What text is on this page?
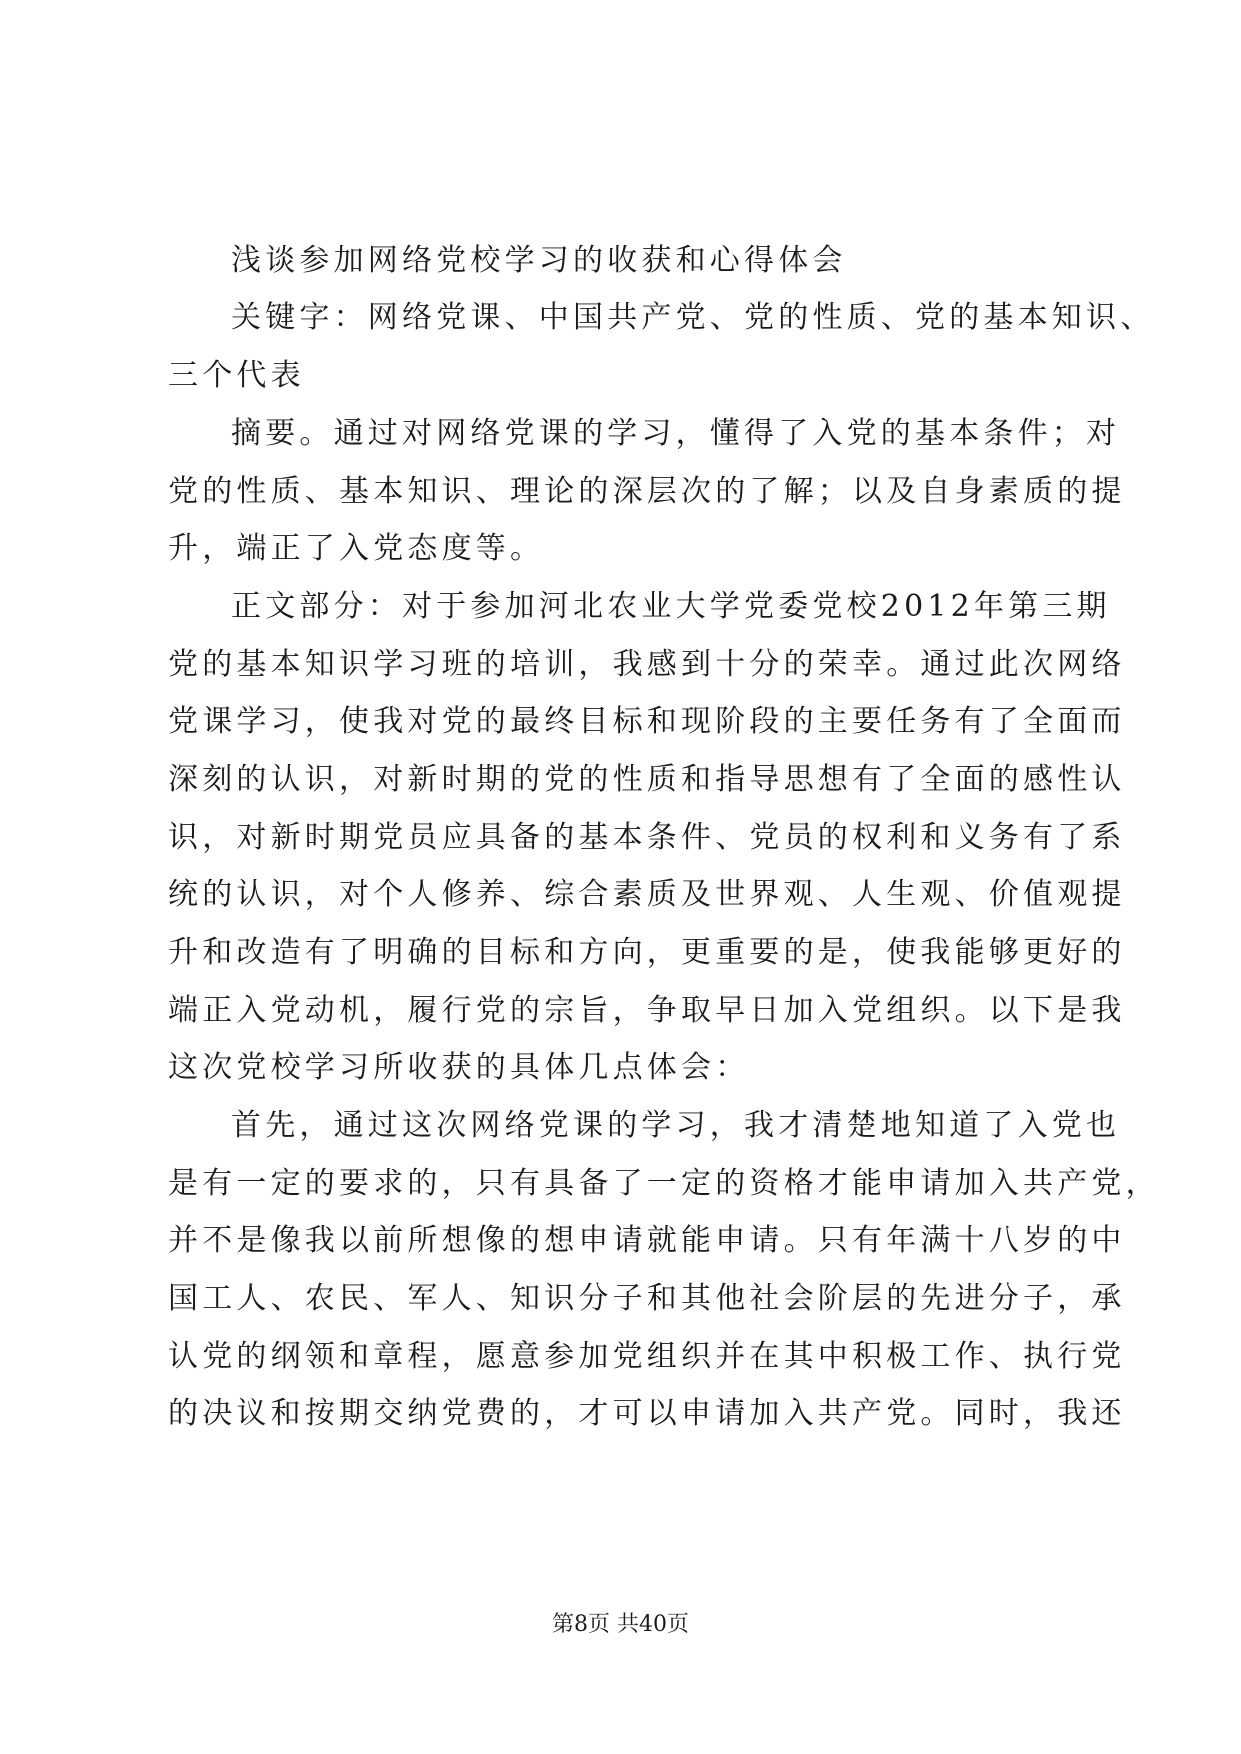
浅谈参加网络党校学习的收获和心得体会
关键字：网络党课、中国共产党、党的性质、党的基本知识、
三个代表
摘要。通过对网络党课的学习，懂得了入党的基本条件；对
党的性质、基本知识、理论的深层次的了解；以及自身素质的提
升，端正了入党态度等。
正文部分：对于参加河北农业大学党委党校2012年第三期
党的基本知识学习班的培训，我感到十分的荣幸。通过此次网络
党课学习，使我对党的最终目标和现阶段的主要任务有了全面而
深刻的认识，对新时期的党的性质和指导思想有了全面的感性认
识，对新时期党员应具备的基本条件、党员的权利和义务有了系
统的认识，对个人修养、综合素质及世界观、人生观、价值观提
升和改造有了明确的目标和方向，更重要的是，使我能够更好的
端正入党动机，履行党的宗旨，争取早日加入党组织。以下是我
这次党校学习所收获的具体几点体会：
首先，通过这次网络党课的学习，我才清楚地知道了入党也
是有一定的要求的，只有具备了一定的资格才能申请加入共产党，
并不是像我以前所想像的想申请就能申请。只有年满十八岁的中
国工人、农民、军人、知识分子和其他社会阶层的先进分子，承
认党的纲领和章程，愿意参加党组织并在其中积极工作、执行党
的决议和按期交纳党费的，才可以申请加入共产党。同时，我还
第8页 共40页
